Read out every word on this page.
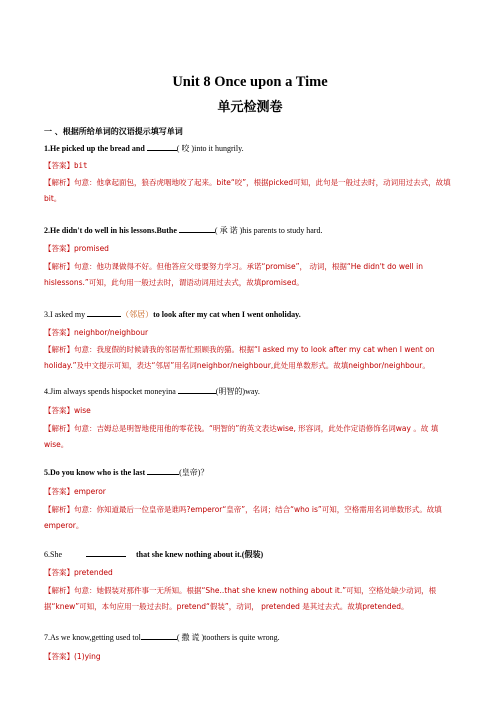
Unit 8 Once upon a Time
单元检测卷
一 、根据所给单词的汉语提示填写单词
1.He picked up the bread and	( 咬 )into it hungrily.
【答案】bit
【解析】句意：他拿起面包，狼吞虎咽地咬了起来。bite“咬”，根据picked可知，此句是一般过去时，动词用过去式，故填bit。
2.He didn't do well in his lessons.Buthe	( 承 诺 )his parents to study hard.
【答案】promised
【解析】句意：他功课做得不好。但他答应父母要努力学习。承诺“promise”， 动词，根据“He didn't do well in hislessons.”可知，此句用一般过去时，谓语动词用过去式，故填promised。
3.I asked my	（邻居）to look after my cat when I went onholiday.
【答案】neighbor/neighbour
【解析】句意：我度假的时候请我的邻居帮忙照顾我的猫。根据“I asked my to look after my cat when I went on holiday.”及中文提示可知，表达“邻居”用名词neighbor/neighbour,此处用单数形式。故填neighbor/neighbour。
4.Jim always spends hispocket moneyina	(明智的)way.
【答案】wise
【解析】句意：吉姆总是明智地使用他的零花钱。“明智的”的英文表达wise, 形容词，此处作定语修饰名词way 。故 填wise。
5.Do you know who is the last	(皇帝)？
【答案】emperor
【解析】句意：你知道最后一位皇帝是谁吗?emperor“皇帝”，名词；结合“who is”可知，空格需用名词单数形式。故填emperor。
6.She	that she knew nothing about it.(假装)
【答案】pretended
【解析】句意：她假装对那件事一无所知。根据“She..that she knew nothing about it.”可知，空格处缺少动词，根据“knew”可知，本句应用一般过去时。pretend“假装”，动词， pretended 是其过去式。故填pretended。
7.As we know,getting used tol	( 撒 谎 )toothers is quite wrong.
【答案】(1)ying
